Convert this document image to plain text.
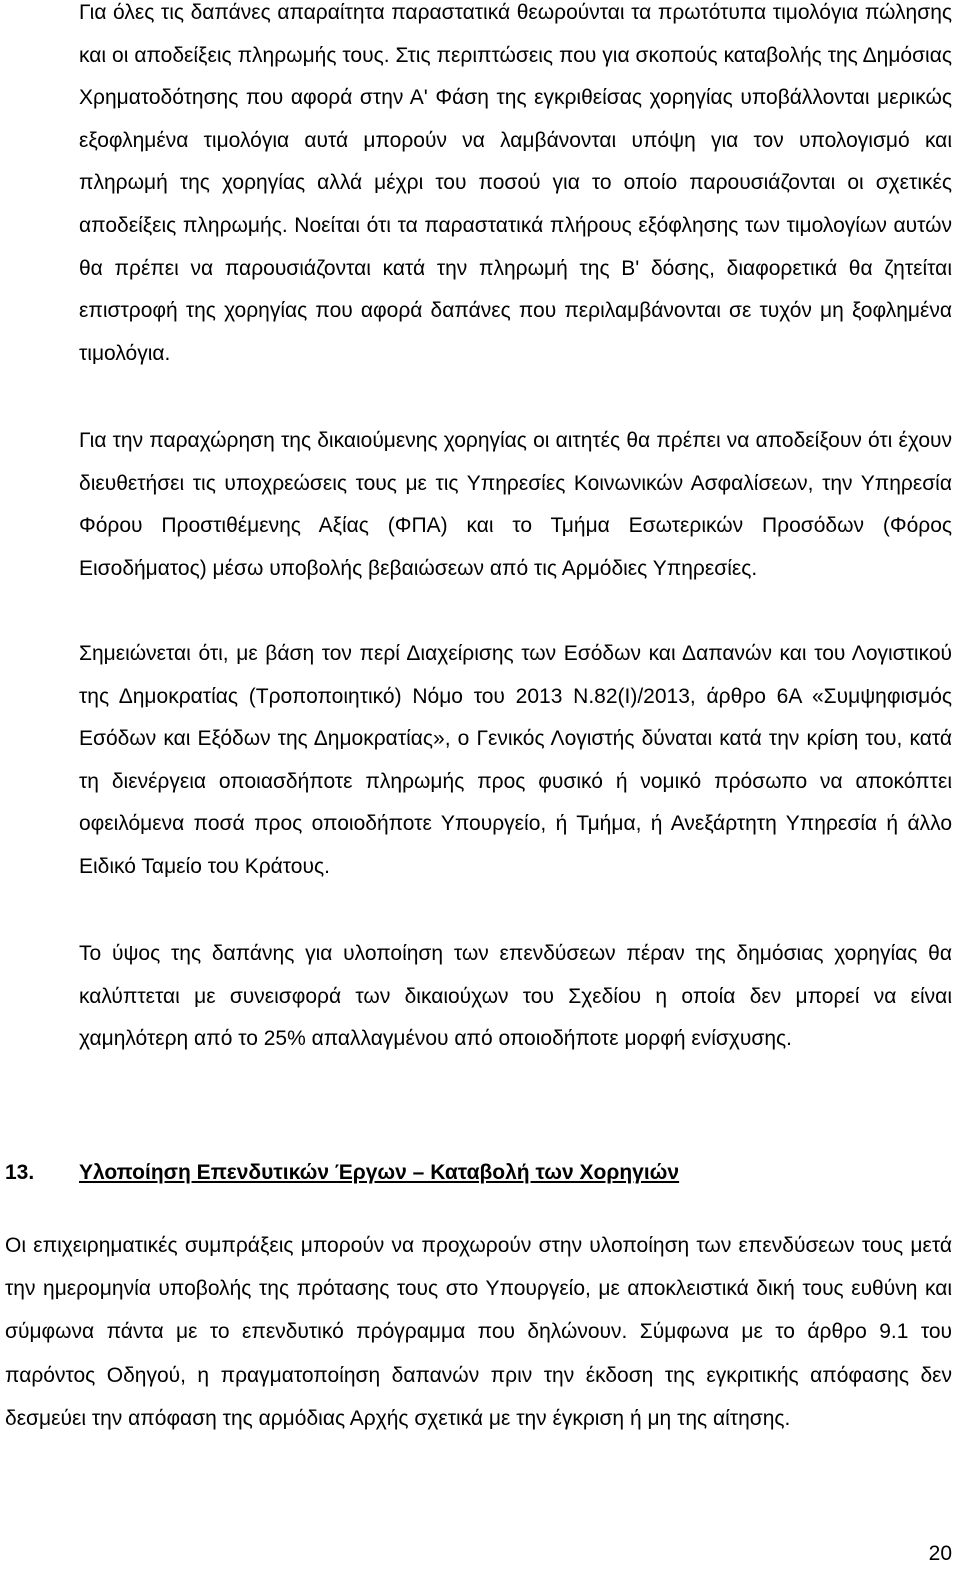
Για όλες τις δαπάνες απαραίτητα παραστατικά θεωρούνται τα πρωτότυπα τιμολόγια πώλησης και οι αποδείξεις πληρωμής τους. Στις περιπτώσεις που για σκοπούς καταβολής της Δημόσιας Χρηματοδότησης που αφορά στην Α' Φάση της εγκριθείσας χορηγίας υποβάλλονται μερικώς εξοφλημένα τιμολόγια αυτά μπορούν να λαμβάνονται υπόψη για τον υπολογισμό και πληρωμή της χορηγίας αλλά μέχρι του ποσού για το οποίο παρουσιάζονται οι σχετικές αποδείξεις πληρωμής. Νοείται ότι τα παραστατικά πλήρους εξόφλησης των τιμολογίων αυτών θα πρέπει να παρουσιάζονται κατά την πληρωμή της Β' δόσης, διαφορετικά θα ζητείται επιστροφή της χορηγίας που αφορά δαπάνες που περιλαμβάνονται σε τυχόν μη ξοφλημένα τιμολόγια.

Για την παραχώρηση της δικαιούμενης χορηγίας οι αιτητές θα πρέπει να αποδείξουν ότι έχουν διευθετήσει τις υποχρεώσεις τους με τις Υπηρεσίες Κοινωνικών Ασφαλίσεων, την Υπηρεσία Φόρου Προστιθέμενης Αξίας (ΦΠΑ) και το Τμήμα Εσωτερικών Προσόδων (Φόρος Εισοδήματος) μέσω υποβολής βεβαιώσεων από τις Αρμόδιες Υπηρεσίες.

Σημειώνεται ότι, με βάση τον περί Διαχείρισης των Εσόδων και Δαπανών και του Λογιστικού της Δημοκρατίας (Τροποποιητικό) Νόμο του 2013 Ν.82(Ι)/2013, άρθρο 6Α «Συμψηφισμός Εσόδων και Εξόδων της Δημοκρατίας», ο Γενικός Λογιστής δύναται κατά την κρίση του, κατά τη διενέργεια οποιασδήποτε πληρωμής προς φυσικό ή νομικό πρόσωπο να αποκόπτει οφειλόμενα ποσά προς οποιοδήποτε Υπουργείο, ή Τμήμα, ή Ανεξάρτητη Υπηρεσία ή άλλο Ειδικό Ταμείο του Κράτους.

Το ύψος της δαπάνης για υλοποίηση των επενδύσεων πέραν της δημόσιας χορηγίας θα καλύπτεται με συνεισφορά των δικαιούχων του Σχεδίου η οποία δεν μπορεί να είναι χαμηλότερη από το 25% απαλλαγμένου από οποιοδήποτε μορφή ενίσχυσης.

13. Υλοποίηση Επενδυτικών Έργων – Καταβολή των Χορηγιών

Οι επιχειρηματικές συμπράξεις μπορούν να προχωρούν στην υλοποίηση των επενδύσεων τους μετά την ημερομηνία υποβολής της πρότασης τους στο Υπουργείο, με αποκλειστικά δική τους ευθύνη και σύμφωνα πάντα με το επενδυτικό πρόγραμμα που δηλώνουν. Σύμφωνα με το άρθρο 9.1 του παρόντος Οδηγού, η πραγματοποίηση δαπανών πριν την έκδοση της εγκριτικής απόφασης δεν δεσμεύει την απόφαση της αρμόδιας Αρχής σχετικά με την έγκριση ή μη της αίτησης.

20
